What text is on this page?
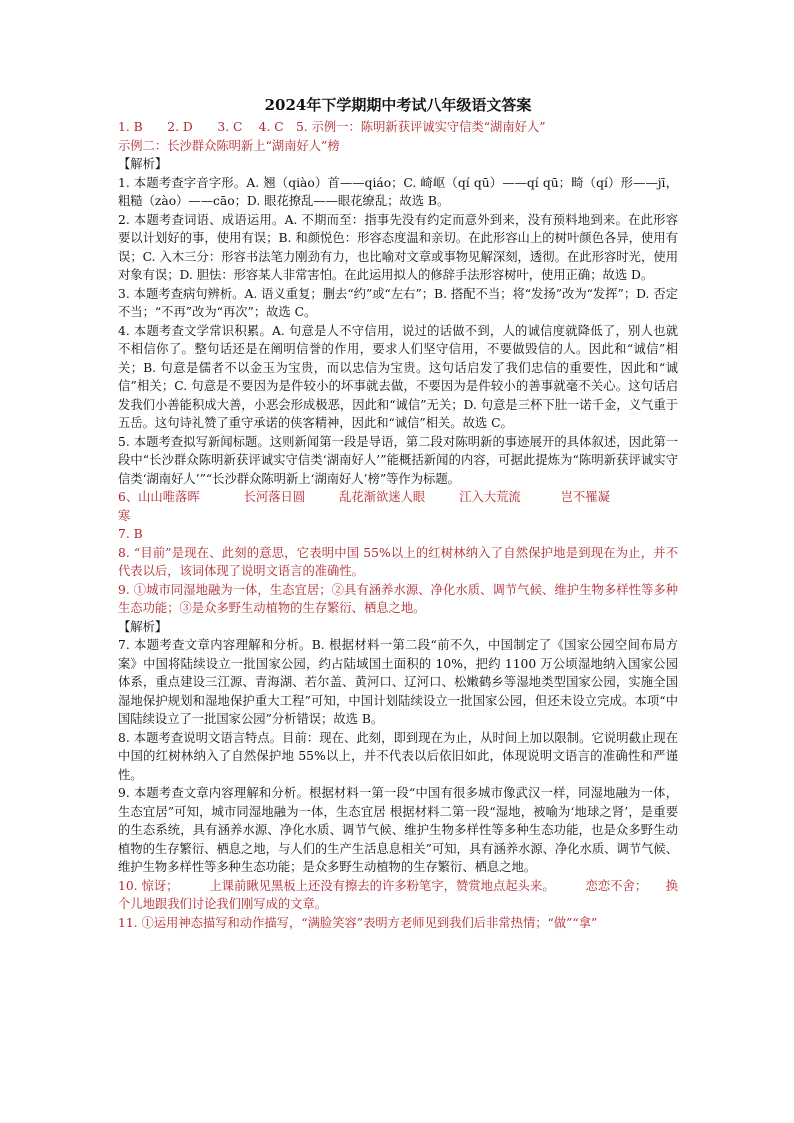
2024年下学期期中考试八年级语文答案
1. B　　2. D　　3. C　 4. C　5. 示例一：陈明新获评诚实守信类“湖南好人”
示例二：长沙群众陈明新上“湖南好人”榜
【解析】
1. 本题考查字音字形。A. 翘（qiào）首——qiáo；C. 崎岖（qí qū）——qí qū；畸（qí）形——jī，粗糙（zào）——cāo；D. 眼花撩乱——眼花缭乱；故选 B。
2. 本题考查词语、成语运用。A. 不期而至：指事先没有约定而意外到来，没有预料地到来。在此形容要以计划好的事，使用有误；B. 和颜悦色：形容态度温和亲切。在此形容山上的树叶颜色各异，使用有误；C. 入木三分：形容书法笔力刚劲有力，也比喻对文章或事物见解深刻，透彻。在此形容时光，使用对象有误；D. 胆怯：形容某人非常害怕。在此运用拟人的修辞手法形容树叶，使用正确；故选 D。
3. 本题考查病句辨析。A. 语义重复；删去“约”或“左右”；B. 搭配不当；将“发扬”改为“发挥”；D. 否定不当；“不再”改为“再次”；故选 C。
4. 本题考查文学常识积累。A. 句意是人不守信用，说过的话做不到，人的诚信度就降低了，别人也就不相信你了。整句话还是在阐明信誉的作用，要求人们坚守信用，不要做毁信的人。因此和“诚信”相关；B. 句意是儒者不以金玉为宝贵，而以忠信为宝贵。这句话启发了我们忠信的重要性，因此和“诚信”相关；C. 句意是不要因为是件较小的坏事就去做，不要因为是件较小的善事就毫不关心。这句话启发我们小善能积成大善，小恶会形成极恶，因此和“诚信”无关；D. 句意是三杯下肚一诺千金，义气重于五岳。这句诗礼赞了重守承诺的侠客精神，因此和“诚信”相关。故选 C。
5. 本题考查拟写新闻标题。这则新闻第一段是导语，第二段对陈明新的事迹展开的具体叙述，因此第一段中“长沙群众陈明新获评诚实守信类‘湖南好人’”能概括新闻的内容，可据此提炼为“陈明新获评诚实守信类‘湖南好人’”“长沙群众陈明新上‘湖南好人’榜”等作为标题。
6、山山唯落晖	长河落日圆	乱花渐欲迷人眼	江入大荒流	岂不罹凝
寒
7. B
8. “目前”是现在、此刻的意思，它表明中国 55%以上的红树林纳入了自然保护地是到现在为止，并不代表以后，该词体现了说明文语言的准确性。
9. ①城市同湿地融为一体，生态宜居；②具有涵养水源、净化水质、调节气候、维护生物多样性等多种生态功能；③是众多野生动植物的生存繁衍、栖息之地。
【解析】
7. 本题考查文章内容理解和分析。B. 根据材料一第二段“前不久，中国制定了《国家公园空间布局方案》中国将陆续设立一批国家公园，约占陆域国土面积的 10%，把约 1100 万公顷湿地纳入国家公园体系，重点建设三江源、青海湖、若尔盖、黄河口、辽河口、松嫩鹤乡等湿地类型国家公园，实施全国湿地保护规划和湿地保护重大工程”可知，中国计划陆续设立一批国家公园，但还未设立完成。本项“中国陆续设立了一批国家公园”分析错误；故选 B。
8. 本题考查说明文语言特点。目前：现在、此刻，即到现在为止，从时间上加以限制。它说明截止现在中国的红树林纳入了自然保护地 55%以上，并不代表以后依旧如此，体现说明文语言的准确性和严谨性。
9. 本题考查文章内容理解和分析。根据材料一第一段“中国有很多城市像武汉一样，同湿地融为一体，生态宜居”可知，城市同湿地融为一体，生态宜居 根据材料二第一段“湿地，被喻为‘地球之肾’，是重要的生态系统，具有涵养水源、净化水质、调节气候、维护生物多样性等多种生态功能，也是众多野生动植物的生存繁衍、栖息之地，与人们的生产生活息息相关”可知，具有涵养水源、净化水质、调节气候、维护生物多样性等多种生态功能；是众多野生动植物的生存繁衍、栖息之地。
10. 惊讶；　　　上课前瞅见黑板上还没有擦去的许多粉笔字，赞赏地点起头来。　　　恋恋不舍；　　换个儿地跟我们讨论我们刚写成的文章。
11. ①运用神态描写和动作描写，“满脸笑容”表明方老师见到我们后非常热情；“做”“拿”
